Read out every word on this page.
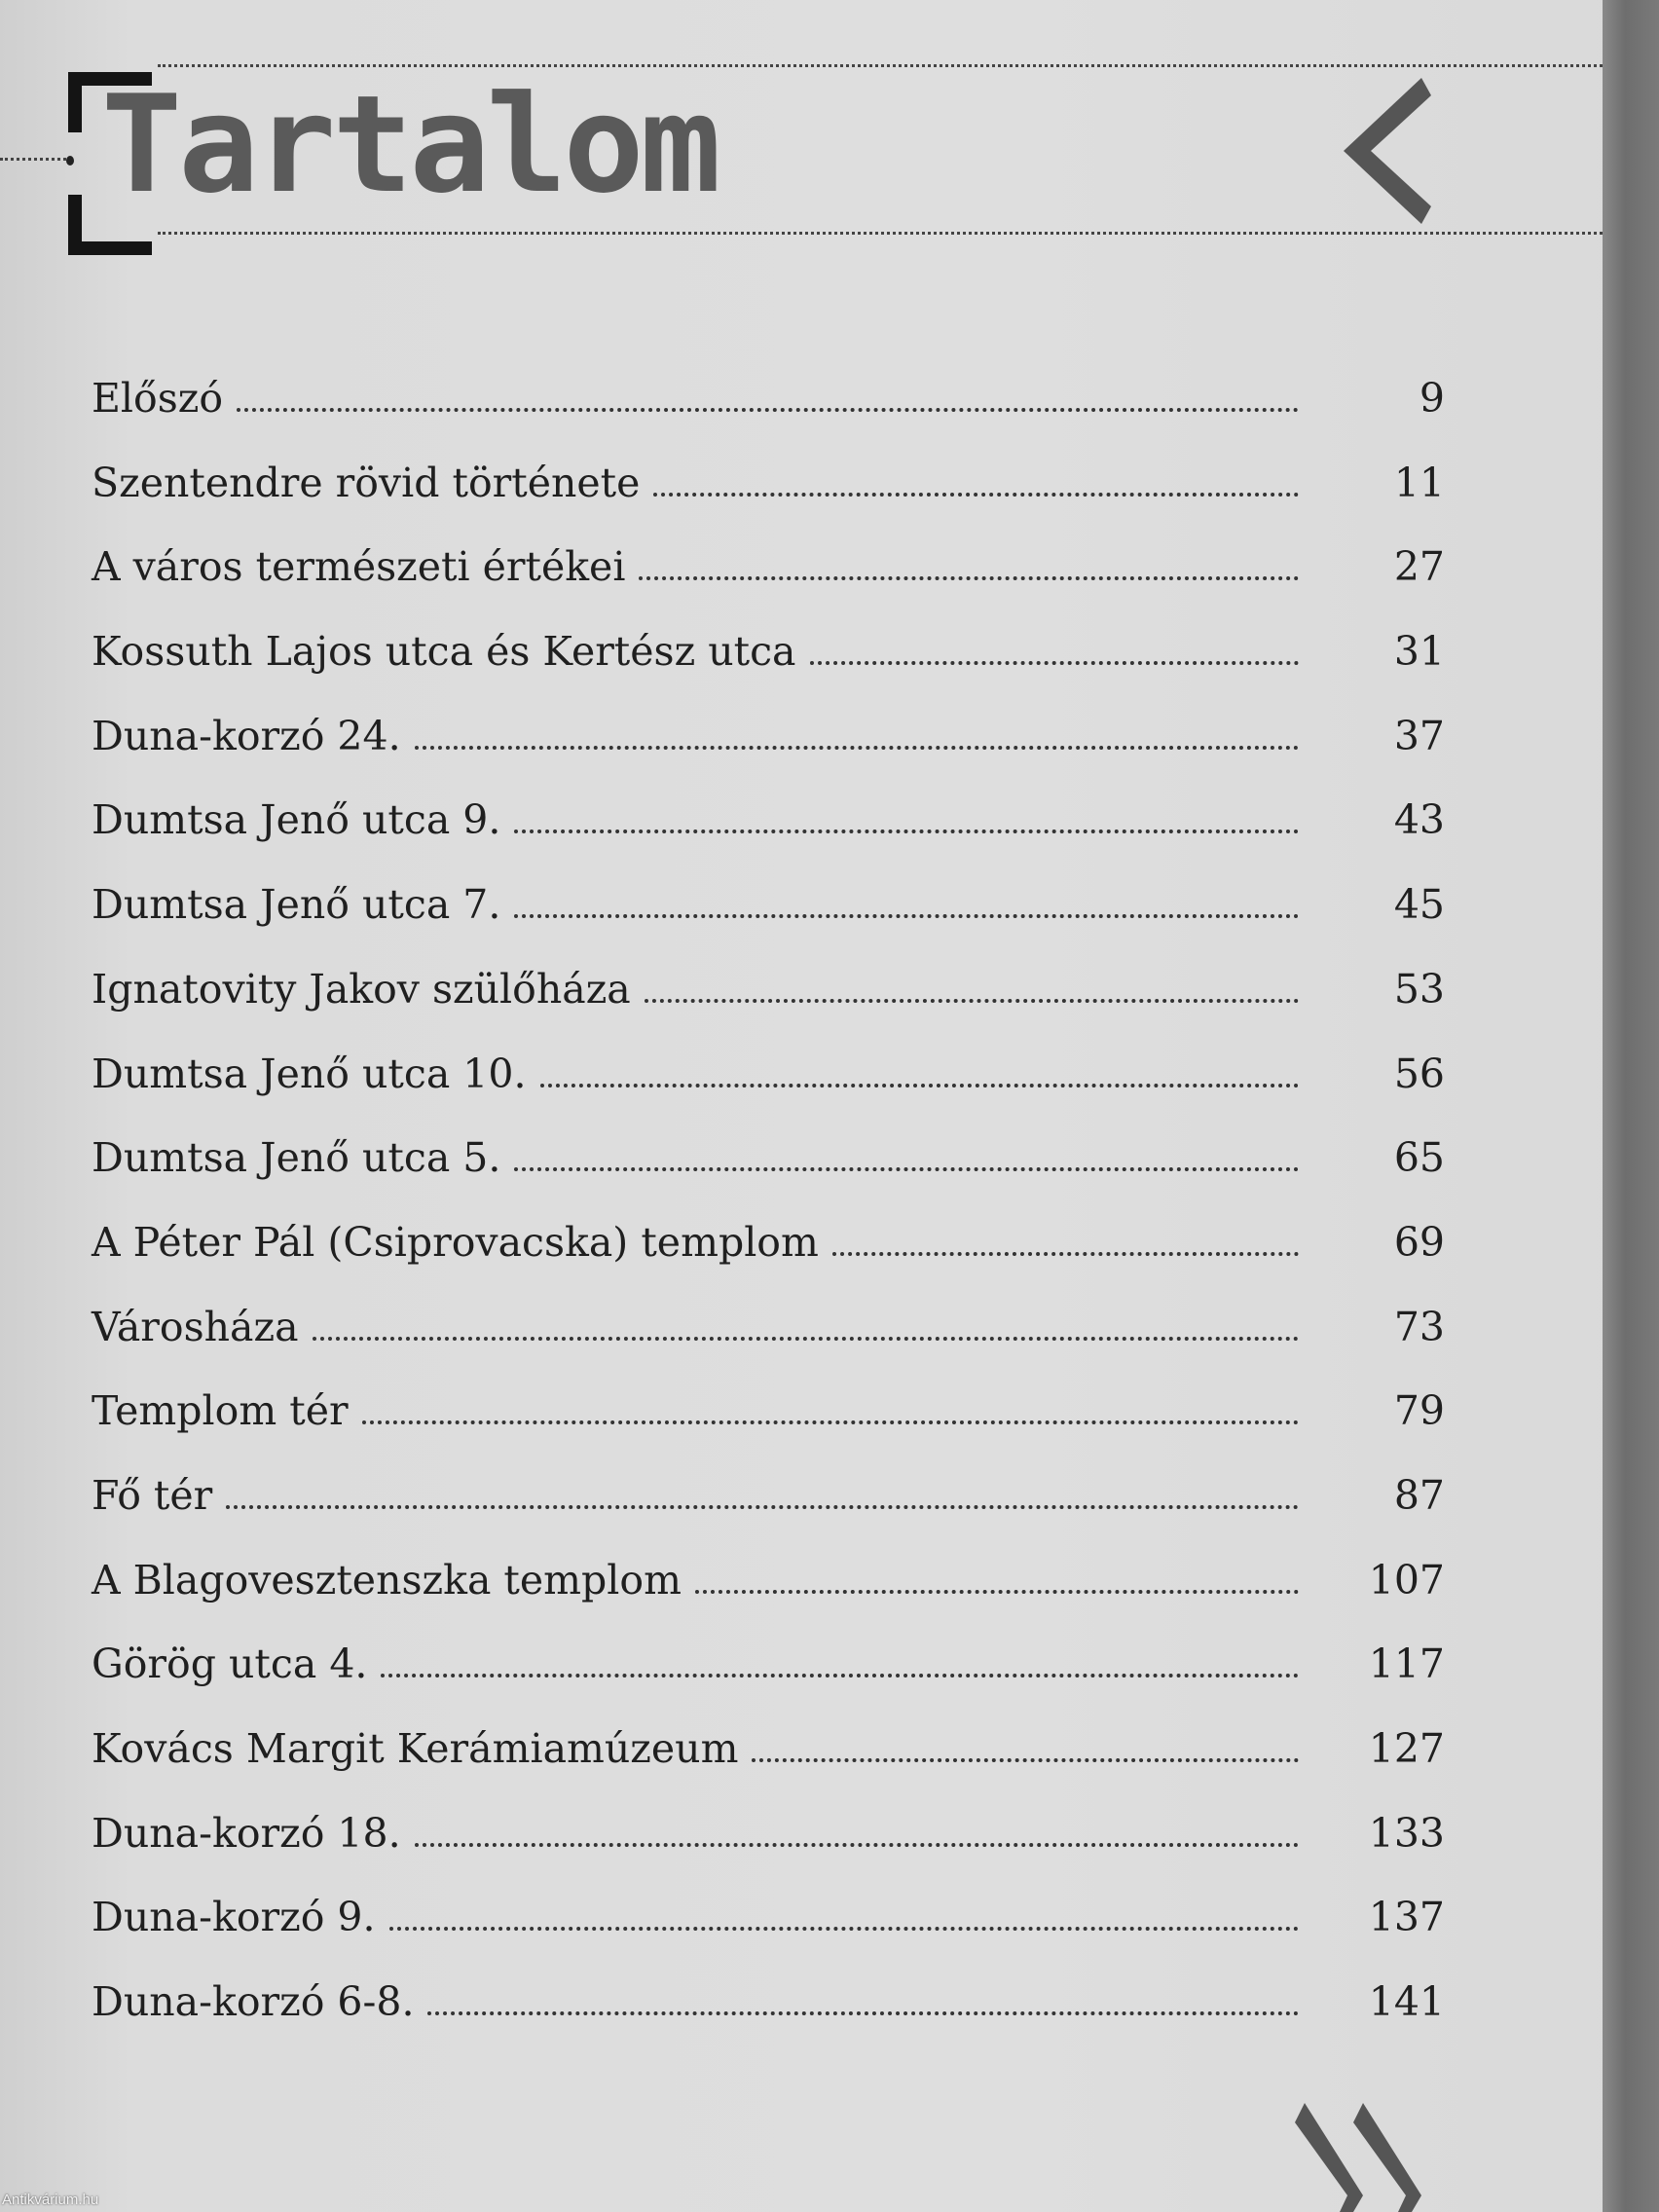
Tartalom
Előszó	9
Szentendre rövid története	11
A város természeti értékei	27
Kossuth Lajos utca és Kertész utca	31
Duna-korzó 24.	37
Dumtsa Jenő utca 9.	43
Dumtsa Jenő utca 7.	45
Ignatovity Jakov szülőháza	53
Dumtsa Jenő utca 10.	56
Dumtsa Jenő utca 5.	65
A Péter Pál (Csiprovacska) templom	69
Városháza	73
Templom tér	79
Fő tér	87
A Blagovesztenszka templom	107
Görög utca 4.	117
Kovács Margit Kerámiamúzeum	127
Duna-korzó 18.	133
Duna-korzó 9.	137
Duna-korzó 6-8.	141
Antikvárium.hu
